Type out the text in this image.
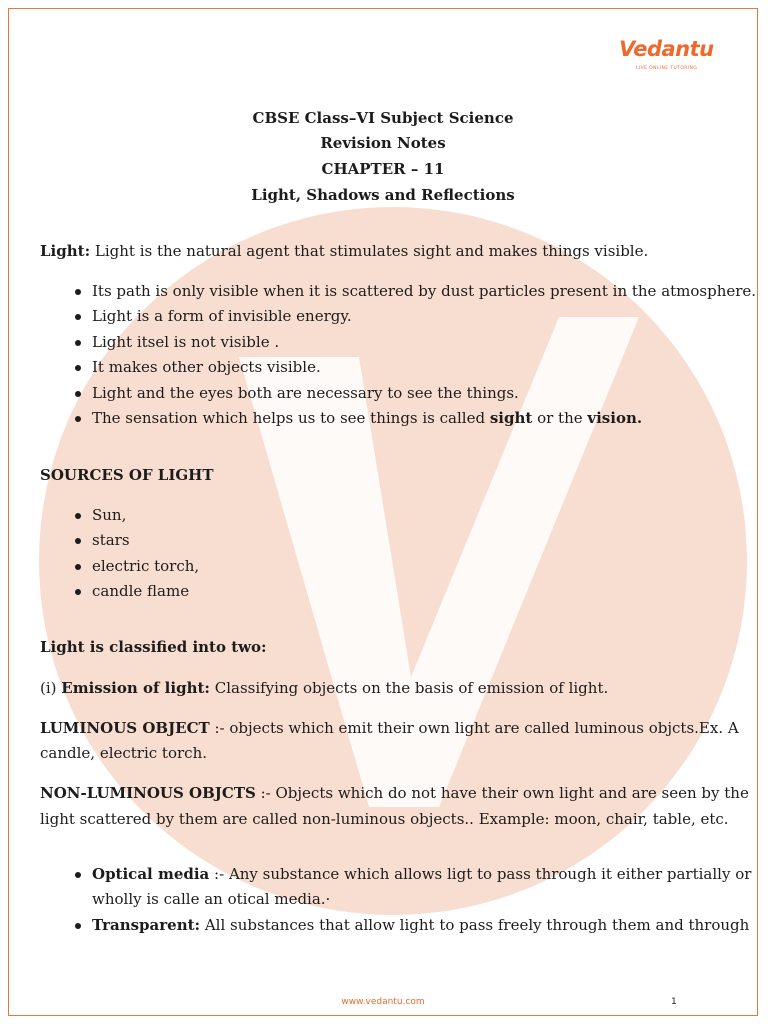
Vedantu
LIVE ONLINE TUTORING
CBSE Class–VI Subject Science
Revision Notes
CHAPTER – 11
Light, Shadows and Reflections
Light: Light is the natural agent that stimulates sight and makes things visible.
Its path is only visible when it is scattered by dust particles present in the atmosphere.
Light is a form of invisible energy.
Light itsel is not visible .
It makes other objects visible.
Light and the eyes both are necessary to see the things.
The sensation which helps us to see things is called sight or the vision.
SOURCES OF LIGHT
Sun,
stars
electric torch,
candle flame
Light is classified into two:
(i) Emission of light: Classifying objects on the basis of emission of light.
LUMINOUS OBJECT :- objects which emit their own light are called luminous objcts.Ex. A
candle, electric torch.
NON-LUMINOUS OBJCTS :- Objects which do not have their own light and are seen by the
light scattered by them are called non-luminous objects.. Example: moon, chair, table, etc.
Optical media :- Any substance which allows ligt to pass through it either partially or
wholly is calle an otical media.·
Transparent: All substances that allow light to pass freely through them and through
www.vedantu.com	1
